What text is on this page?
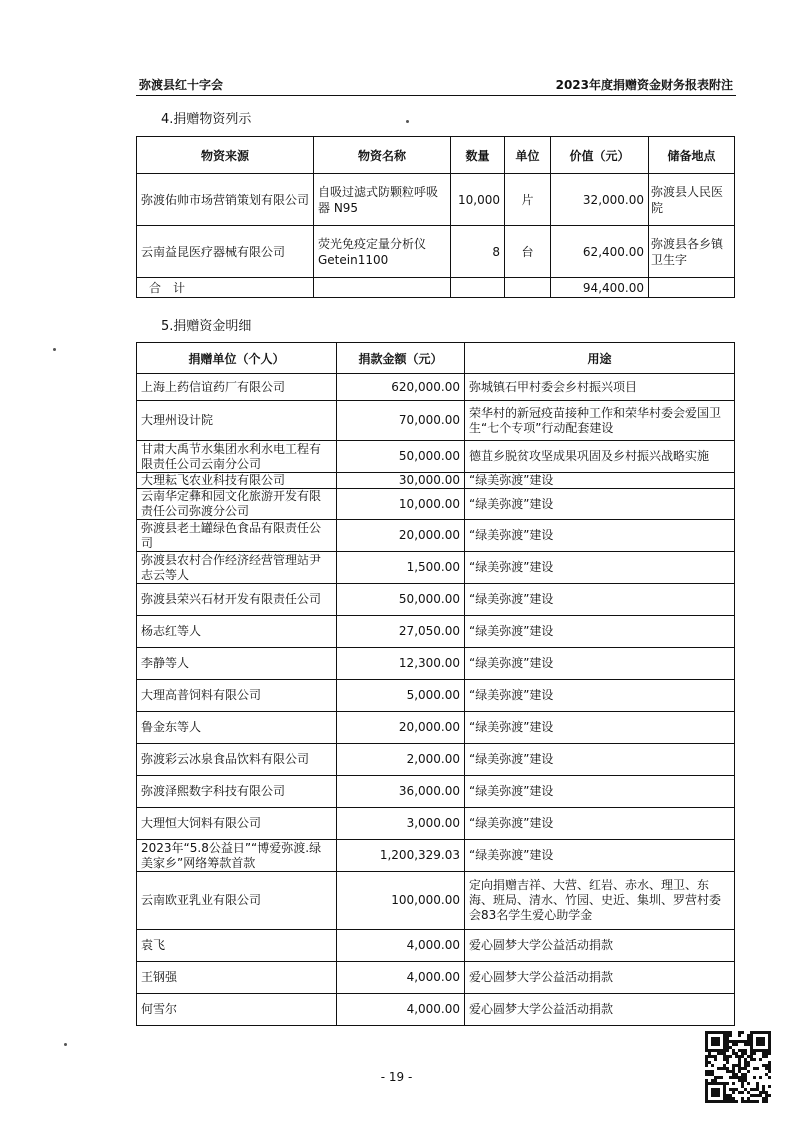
弥渡县红十字会	2023年度捐赠资金财务报表附注
4.捐赠物资列示
物资来源	物资名称	数量	单位	价值（元）	储备地点
弥渡佑帅市场营销策划有限公司	自吸过滤式防颗粒呼吸器 N95	10,000	片	32,000.00	弥渡县人民医院
云南益昆医疗器械有限公司	荧光免疫定量分析仪 Getein1100	8	台	62,400.00	弥渡县各乡镇卫生字
合　计				94,400.00	
5.捐赠资金明细
捐赠单位（个人）	捐款金额（元）	用途
上海上药信谊药厂有限公司	620,000.00	弥城镇石甲村委会乡村振兴项目
大理州设计院	70,000.00	荣华村的新冠疫苗接种工作和荣华村委会爱国卫生“七个专项”行动配套建设
甘肃大禹节水集团水利水电工程有限责任公司云南分公司	50,000.00	德苴乡脱贫攻坚成果巩固及乡村振兴战略实施
大理耘飞农业科技有限公司	30,000.00	“绿美弥渡”建设
云南华定彝和园文化旅游开发有限责任公司弥渡分公司	10,000.00	“绿美弥渡”建设
弥渡县老土罐绿色食品有限责任公司	20,000.00	“绿美弥渡”建设
弥渡县农村合作经济经营管理站尹志云等人	1,500.00	“绿美弥渡”建设
弥渡县荣兴石材开发有限责任公司	50,000.00	“绿美弥渡”建设
杨志红等人	27,050.00	“绿美弥渡”建设
李静等人	12,300.00	“绿美弥渡”建设
大理高普饲料有限公司	5,000.00	“绿美弥渡”建设
鲁金东等人	20,000.00	“绿美弥渡”建设
弥渡彩云冰泉食品饮料有限公司	2,000.00	“绿美弥渡”建设
弥渡泽熙数字科技有限公司	36,000.00	“绿美弥渡”建设
大理恒大饲料有限公司	3,000.00	“绿美弥渡”建设
2023年“5.8公益日”“博爱弥渡.绿美家乡”网络筹款首款	1,200,329.03	“绿美弥渡”建设
云南欧亚乳业有限公司	100,000.00	定向捐赠吉祥、大营、红岩、赤水、理卫、东海、班局、清水、竹园、史近、集圳、罗营村委会83名学生爱心助学金
袁飞	4,000.00	爱心圆梦大学公益活动捐款
王钢强	4,000.00	爱心圆梦大学公益活动捐款
何雪尔	4,000.00	爱心圆梦大学公益活动捐款
- 19 -
